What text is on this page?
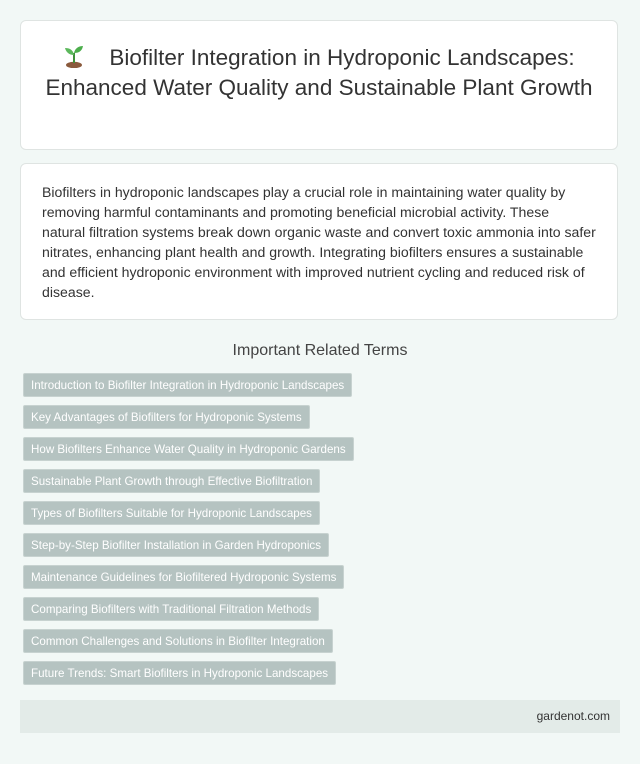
Biofilter Integration in Hydroponic Landscapes: Enhanced Water Quality and Sustainable Plant Growth

Biofilters in hydroponic landscapes play a crucial role in maintaining water quality by removing harmful contaminants and promoting beneficial microbial activity. These natural filtration systems break down organic waste and convert toxic ammonia into safer nitrates, enhancing plant health and growth. Integrating biofilters ensures a sustainable and efficient hydroponic environment with improved nutrient cycling and reduced risk of disease.

Important Related Terms
Introduction to Biofilter Integration in Hydroponic Landscapes
Key Advantages of Biofilters for Hydroponic Systems
How Biofilters Enhance Water Quality in Hydroponic Gardens
Sustainable Plant Growth through Effective Biofiltration
Types of Biofilters Suitable for Hydroponic Landscapes
Step-by-Step Biofilter Installation in Garden Hydroponics
Maintenance Guidelines for Biofiltered Hydroponic Systems
Comparing Biofilters with Traditional Filtration Methods
Common Challenges and Solutions in Biofilter Integration
Future Trends: Smart Biofilters in Hydroponic Landscapes
gardenot.com
